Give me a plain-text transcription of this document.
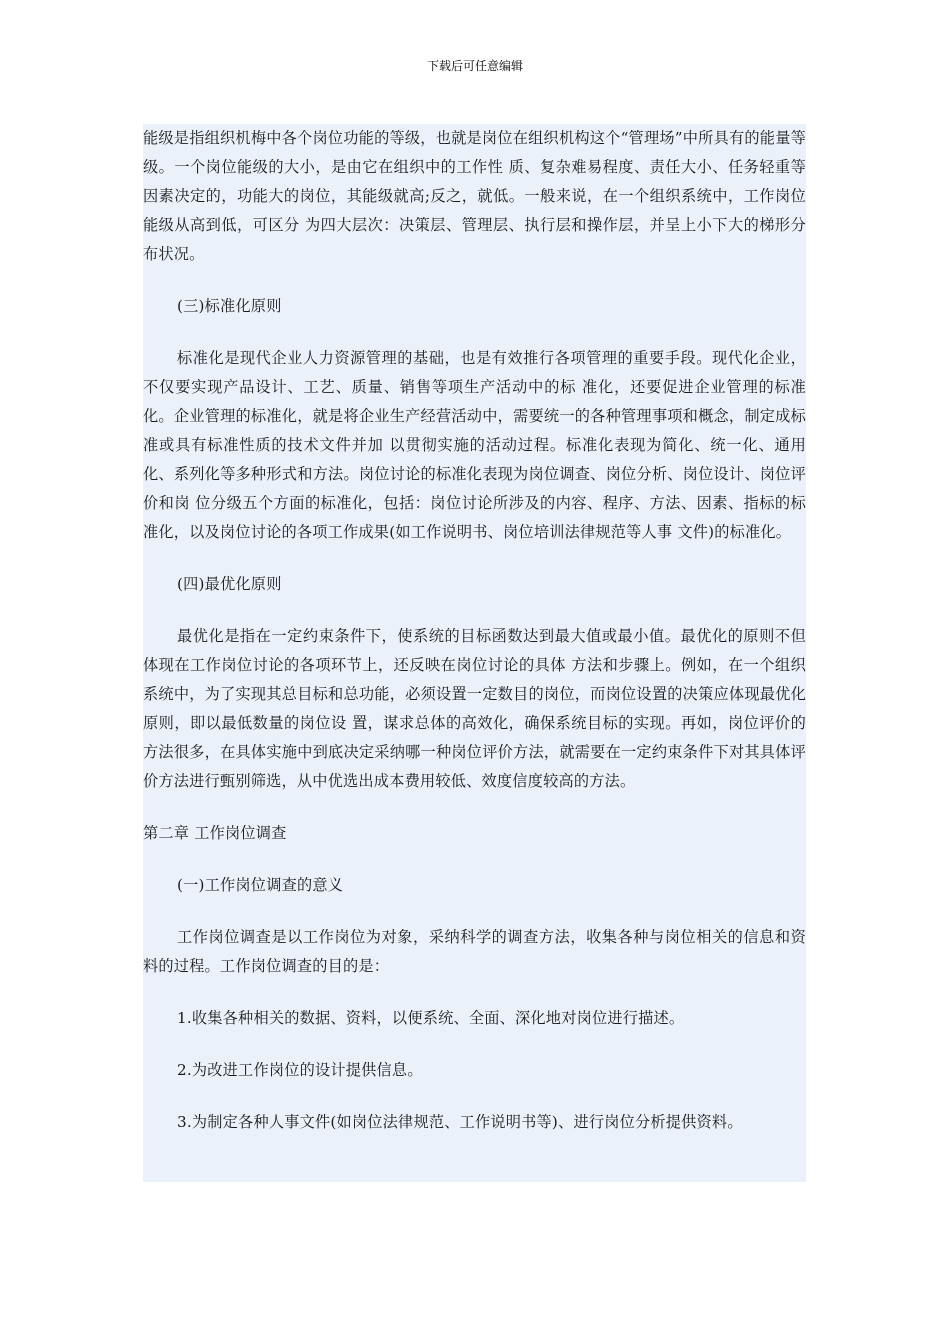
下载后可任意编辑

能级是指组织机梅中各个岗位功能的等级，也就是岗位在组织机构这个“管理场”中所具有的能量等级。一个岗位能级的大小，是由它在组织中的工作性 质、复杂难易程度、责任大小、任务轻重等因素决定的，功能大的岗位，其能级就高;反之，就低。一般来说，在一个组织系统中，工作岗位能级从高到低，可区分 为四大层次：决策层、管理层、执行层和操作层，并呈上小下大的梯形分布状况。

(三)标准化原则

标准化是现代企业人力资源管理的基础，也是有效推行各项管理的重要手段。现代化企业，不仅要实现产品设计、工艺、质量、销售等项生产活动中的标 准化，还要促进企业管理的标准化。企业管理的标准化，就是将企业生产经营活动中，需要统一的各种管理事项和概念，制定成标准或具有标准性质的技术文件并加 以贯彻实施的活动过程。标准化表现为简化、统一化、通用化、系列化等多种形式和方法。岗位讨论的标准化表现为岗位调查、岗位分析、岗位设计、岗位评价和岗 位分级五个方面的标准化，包括：岗位讨论所涉及的内容、程序、方法、因素、指标的标准化，以及岗位讨论的各项工作成果(如工作说明书、岗位培训法律规范等人事 文件)的标准化。

(四)最优化原则

最优化是指在一定约束条件下，使系统的目标函数达到最大值或最小值。最优化的原则不但体现在工作岗位讨论的各项环节上，还反映在岗位讨论的具体 方法和步骤上。例如，在一个组织系统中，为了实现其总目标和总功能，必须设置一定数目的岗位，而岗位设置的决策应体现最优化原则，即以最低数量的岗位设 置，谋求总体的高效化，确保系统目标的实现。再如，岗位评价的方法很多，在具体实施中到底决定采纳哪一种岗位评价方法，就需要在一定约束条件下对其具体评 价方法进行甄别筛选，从中优选出成本费用较低、效度信度较高的方法。

第二章 工作岗位调查

(一)工作岗位调查的意义

工作岗位调查是以工作岗位为对象，采纳科学的调查方法，收集各种与岗位相关的信息和资料的过程。工作岗位调查的目的是：

1.收集各种相关的数据、资料，以便系统、全面、深化地对岗位进行描述。

2.为改进工作岗位的设计提供信息。

3.为制定各种人事文件(如岗位法律规范、工作说明书等)、进行岗位分析提供资料。
